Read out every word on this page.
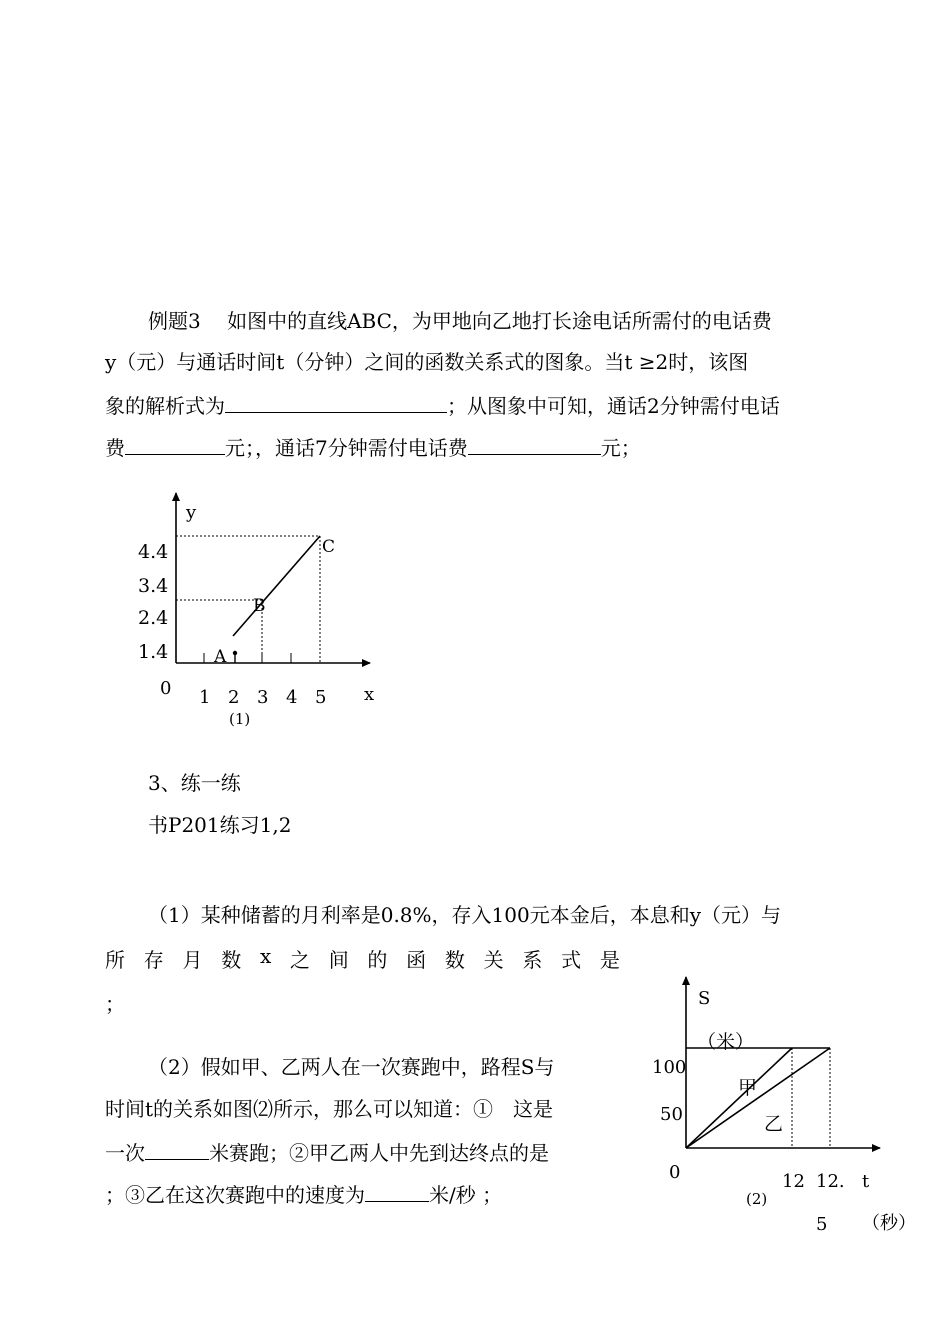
例题3　 如图中的直线ABC，为甲地向乙地打长途电话所需付的电话费
y（元）与通话时间t（分钟）之间的函数关系式的图象。当t ≥2时，该图
象的解析式为	；从图象中可知，通话2分钟需付电话
费	元；，通话7分钟需付电话费	元；
3、练一练
书P201练习1,2
（1）某种储蓄的月利率是0.8%，存入100元本金后，本息和y（元）与
所 存 月 数 x 之 间 的 函 数 关 系 式 是
；
（2）假如甲、乙两人在一次赛跑中，路程S与
时间t的关系如图⑵所示，那么可以知道：①　这是
一次	米赛跑；②甲乙两人中先到达终点的是
；③乙在这次赛跑中的速度为	米/秒 ；
y
4.4
3.4
2.4
1.4
C
B
A
0 1 2 3 4 5 x
(1)
S
（米）
100
50
甲
乙
0	12 12. t
(2)
5 （秒）
